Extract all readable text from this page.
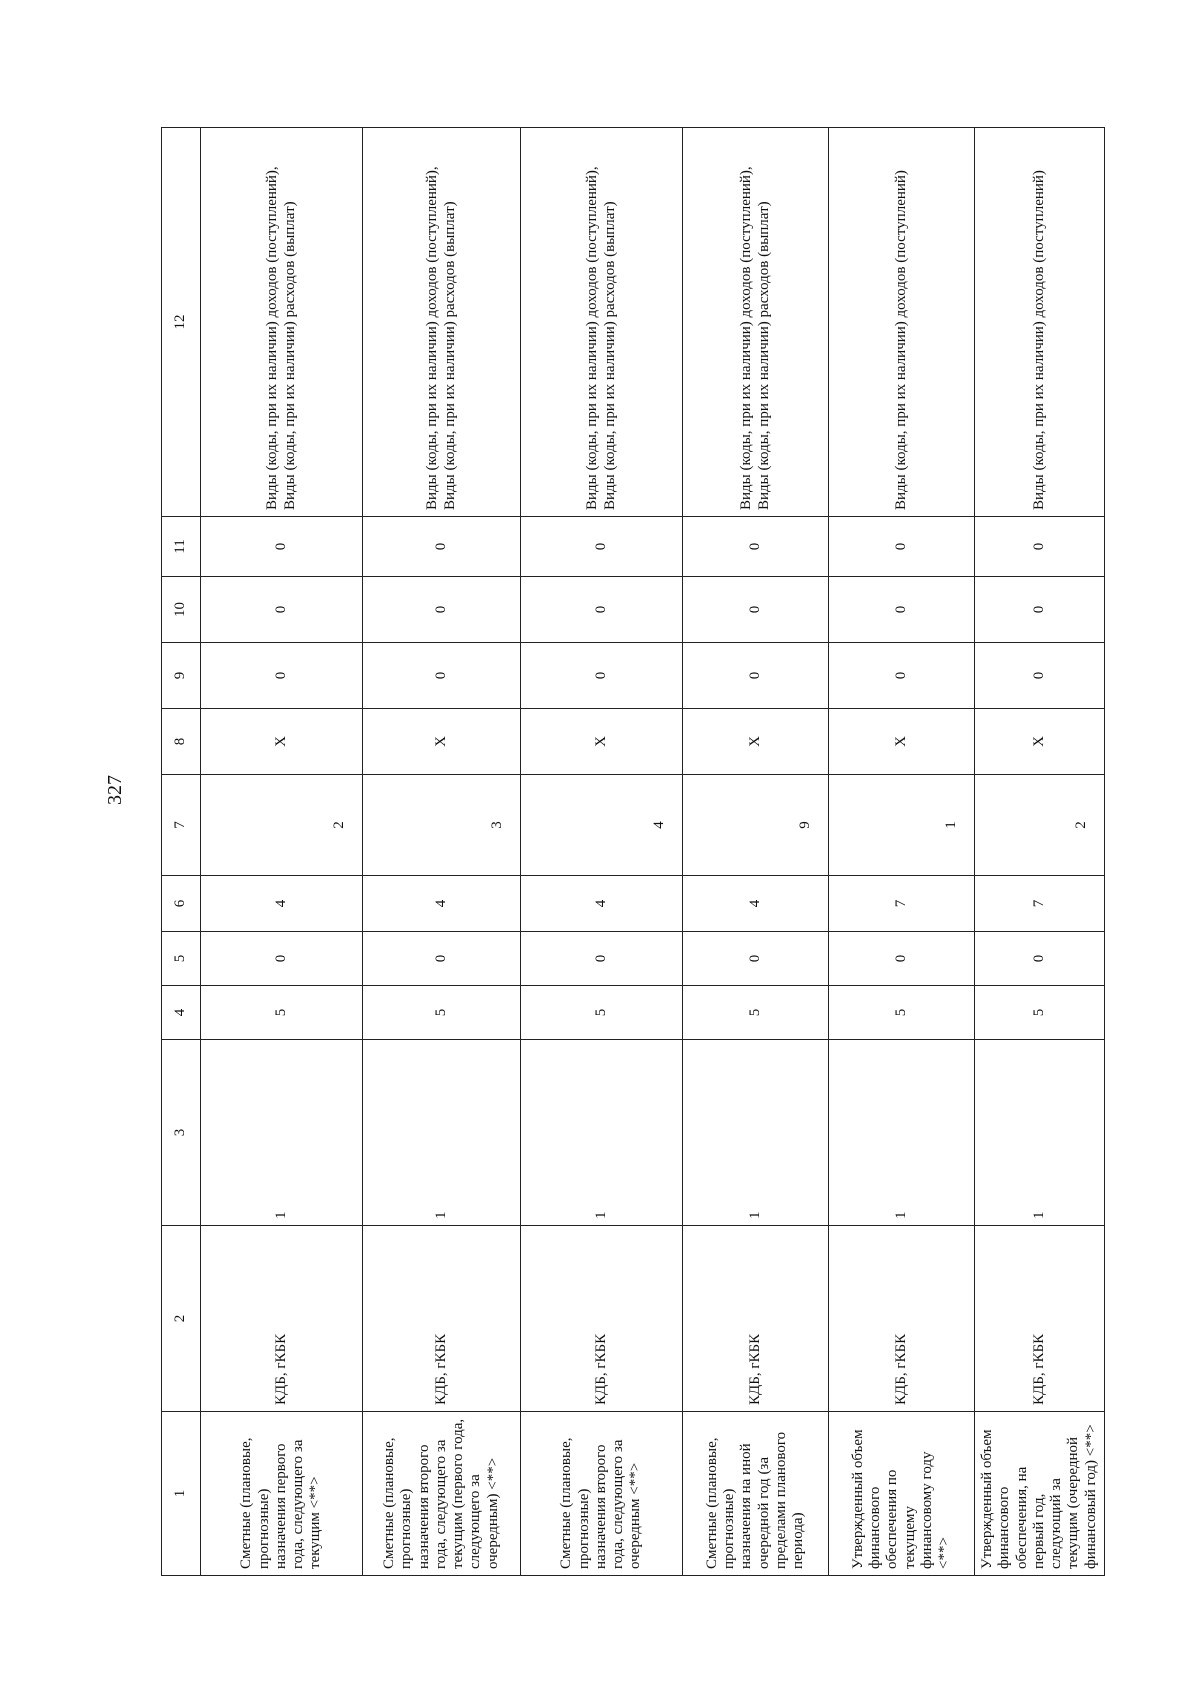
327
1	2	3	4	5	6	7	8	9	10	11	12
Сметные (плановые, прогнозные) назначения первого года, следующего за текущим <**>	КДБ, гКБК	1	5	0	4	2	X	0	0	0	Виды (коды, при их наличии) доходов (поступлений), Виды (коды, при их наличии) расходов (выплат)
Сметные (плановые, прогнозные) назначения второго года, следующего за текущим (первого года, следующего за очередным) <**>	КДБ, гКБК	1	5	0	4	3	X	0	0	0	Виды (коды, при их наличии) доходов (поступлений), Виды (коды, при их наличии) расходов (выплат)
Сметные (плановые, прогнозные) назначения второго года, следующего за очередным <**>	КДБ, гКБК	1	5	0	4	4	X	0	0	0	Виды (коды, при их наличии) доходов (поступлений), Виды (коды, при их наличии) расходов (выплат)
Сметные (плановые, прогнозные) назначения на иной очередной год (за пределами планового периода)	КДБ, гКБК	1	5	0	4	9	X	0	0	0	Виды (коды, при их наличии) доходов (поступлений), Виды (коды, при их наличии) расходов (выплат)
Утвержденный объем финансового обеспечения по текущему финансовому году <**>	КДБ, гКБК	1	5	0	7	1	X	0	0	0	Виды (коды, при их наличии) доходов (поступлений)
Утвержденный объем финансового обеспечения, на первый год, следующий за текущим (очередной финансовый год) <**>	КДБ, гКБК	1	5	0	7	2	X	0	0	0	Виды (коды, при их наличии) доходов (поступлений)
